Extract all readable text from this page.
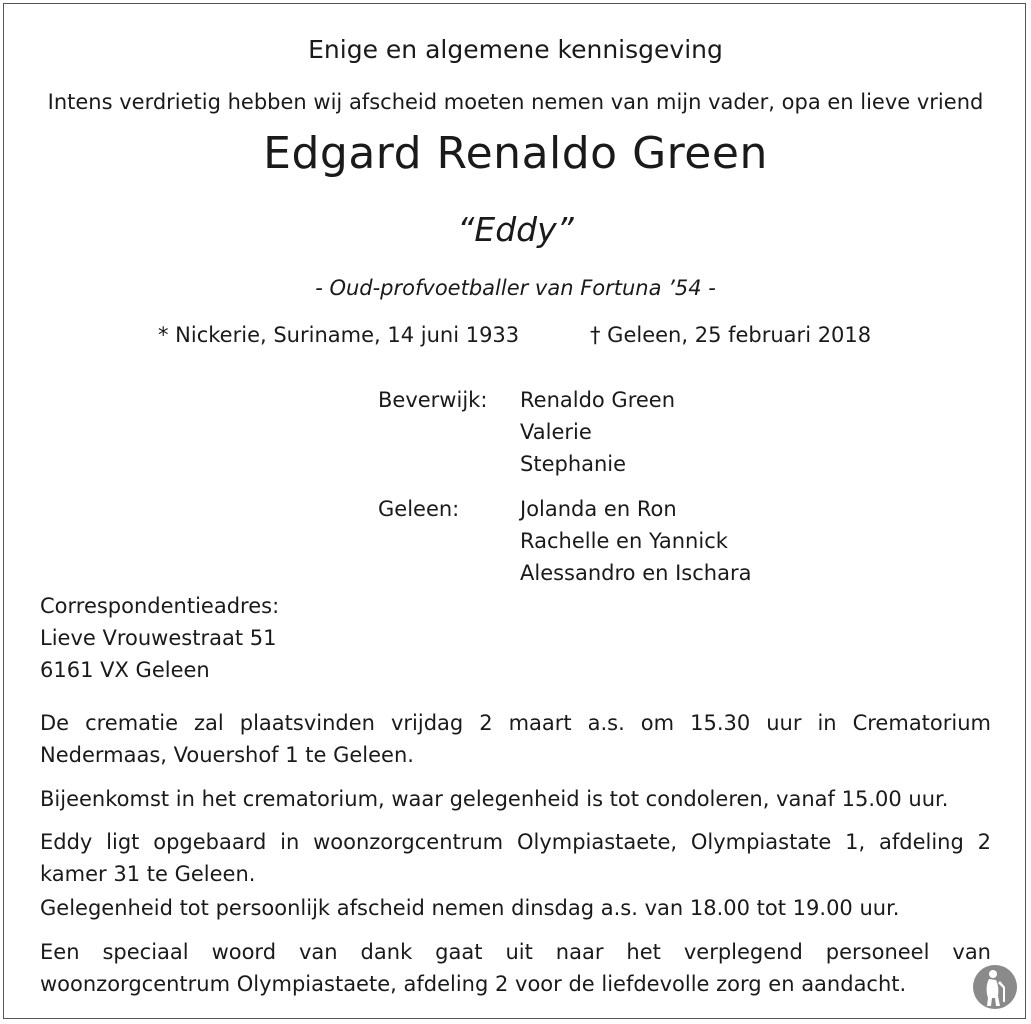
Enige en algemene kennisgeving
Intens verdrietig hebben wij afscheid moeten nemen van mijn vader, opa en lieve vriend
Edgard Renaldo Green
“Eddy”
- Oud-profvoetballer van Fortuna ’54 -
* Nickerie, Suriname, 14 juni 1933	† Geleen, 25 februari 2018
Beverwijk: Renaldo Green
Valerie
Stephanie
Geleen:	Jolanda en Ron
Rachelle en Yannick
Alessandro en Ischara
Correspondentieadres:
Lieve Vrouwestraat 51
6161 VX Geleen
De crematie zal plaatsvinden vrijdag 2 maart a.s. om 15.30 uur in Crematorium Nedermaas, Vouershof 1 te Geleen.
Bijeenkomst in het crematorium, waar gelegenheid is tot condoleren, vanaf 15.00 uur.
Eddy ligt opgebaard in woonzorgcentrum Olympiastaete, Olympiastate 1, afdeling 2 kamer 31 te Geleen.
Gelegenheid tot persoonlijk afscheid nemen dinsdag a.s. van 18.00 tot 19.00 uur.
Een speciaal woord van dank gaat uit naar het verplegend personeel van woonzorgcentrum Olympiastaete, afdeling 2 voor de liefdevolle zorg en aandacht.
